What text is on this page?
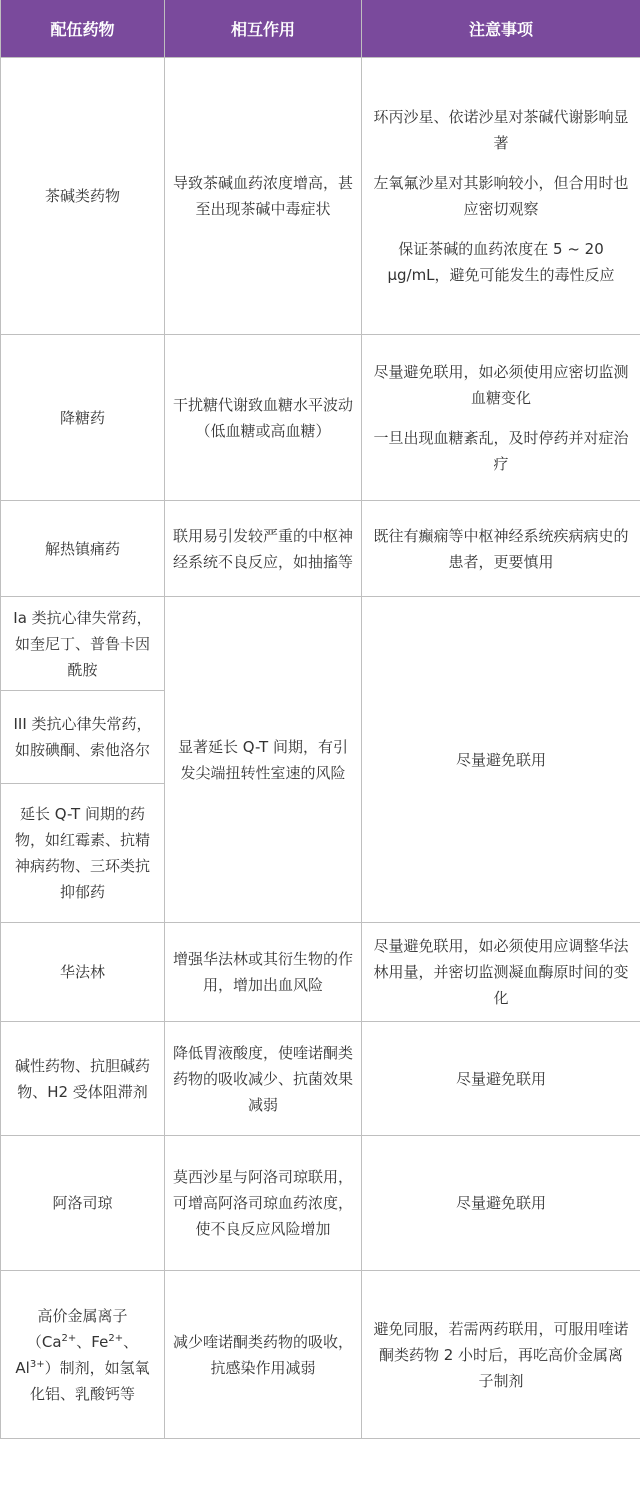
配伍药物	相互作用	注意事项
茶碱类药物	导致茶碱血药浓度增高，甚至出现茶碱中毒症状	环丙沙星、依诺沙星对茶碱代谢影响显著

左氧氟沙星对其影响较小，但合用时也应密切观察

保证茶碱的血药浓度在 5 ~ 20 μg/mL，避免可能发生的毒性反应

降糖药	干扰糖代谢致血糖水平波动（低血糖或高血糖）	尽量避免联用，如必须使用应密切监测血糖变化

一旦出现血糖紊乱，及时停药并对症治疗

解热镇痛药	联用易引发较严重的中枢神经系统不良反应，如抽搐等	既往有癫痫等中枢神经系统疾病病史的患者，更要慎用
Ia 类抗心律失常药，如奎尼丁、普鲁卡因酰胺	显著延长 Q-T 间期，有引发尖端扭转性室速的风险	尽量避免联用
III 类抗心律失常药，如胺碘酮、索他洛尔		
延长 Q-T 间期的药物，如红霉素、抗精神病药物、三环类抗抑郁药		
华法林	增强华法林或其衍生物的作用，增加出血风险	尽量避免联用，如必须使用应调整华法林用量，并密切监测凝血酶原时间的变化
碱性药物、抗胆碱药物、H2 受体阻滞剂	降低胃液酸度，使喹诺酮类药物的吸收减少、抗菌效果减弱	尽量避免联用
阿洛司琼	莫西沙星与阿洛司琼联用，可增高阿洛司琼血药浓度，使不良反应风险增加	尽量避免联用
高价金属离子（$Ca^{2+}$、$Fe^{2+}$、$Al^{3+}$）制剂，如氢氧化铝、乳酸钙等	减少喹诺酮类药物的吸收，抗感染作用减弱	避免同服，若需两药联用，可服用喹诺酮类药物 2 小时后，再吃高价金属离子制剂
